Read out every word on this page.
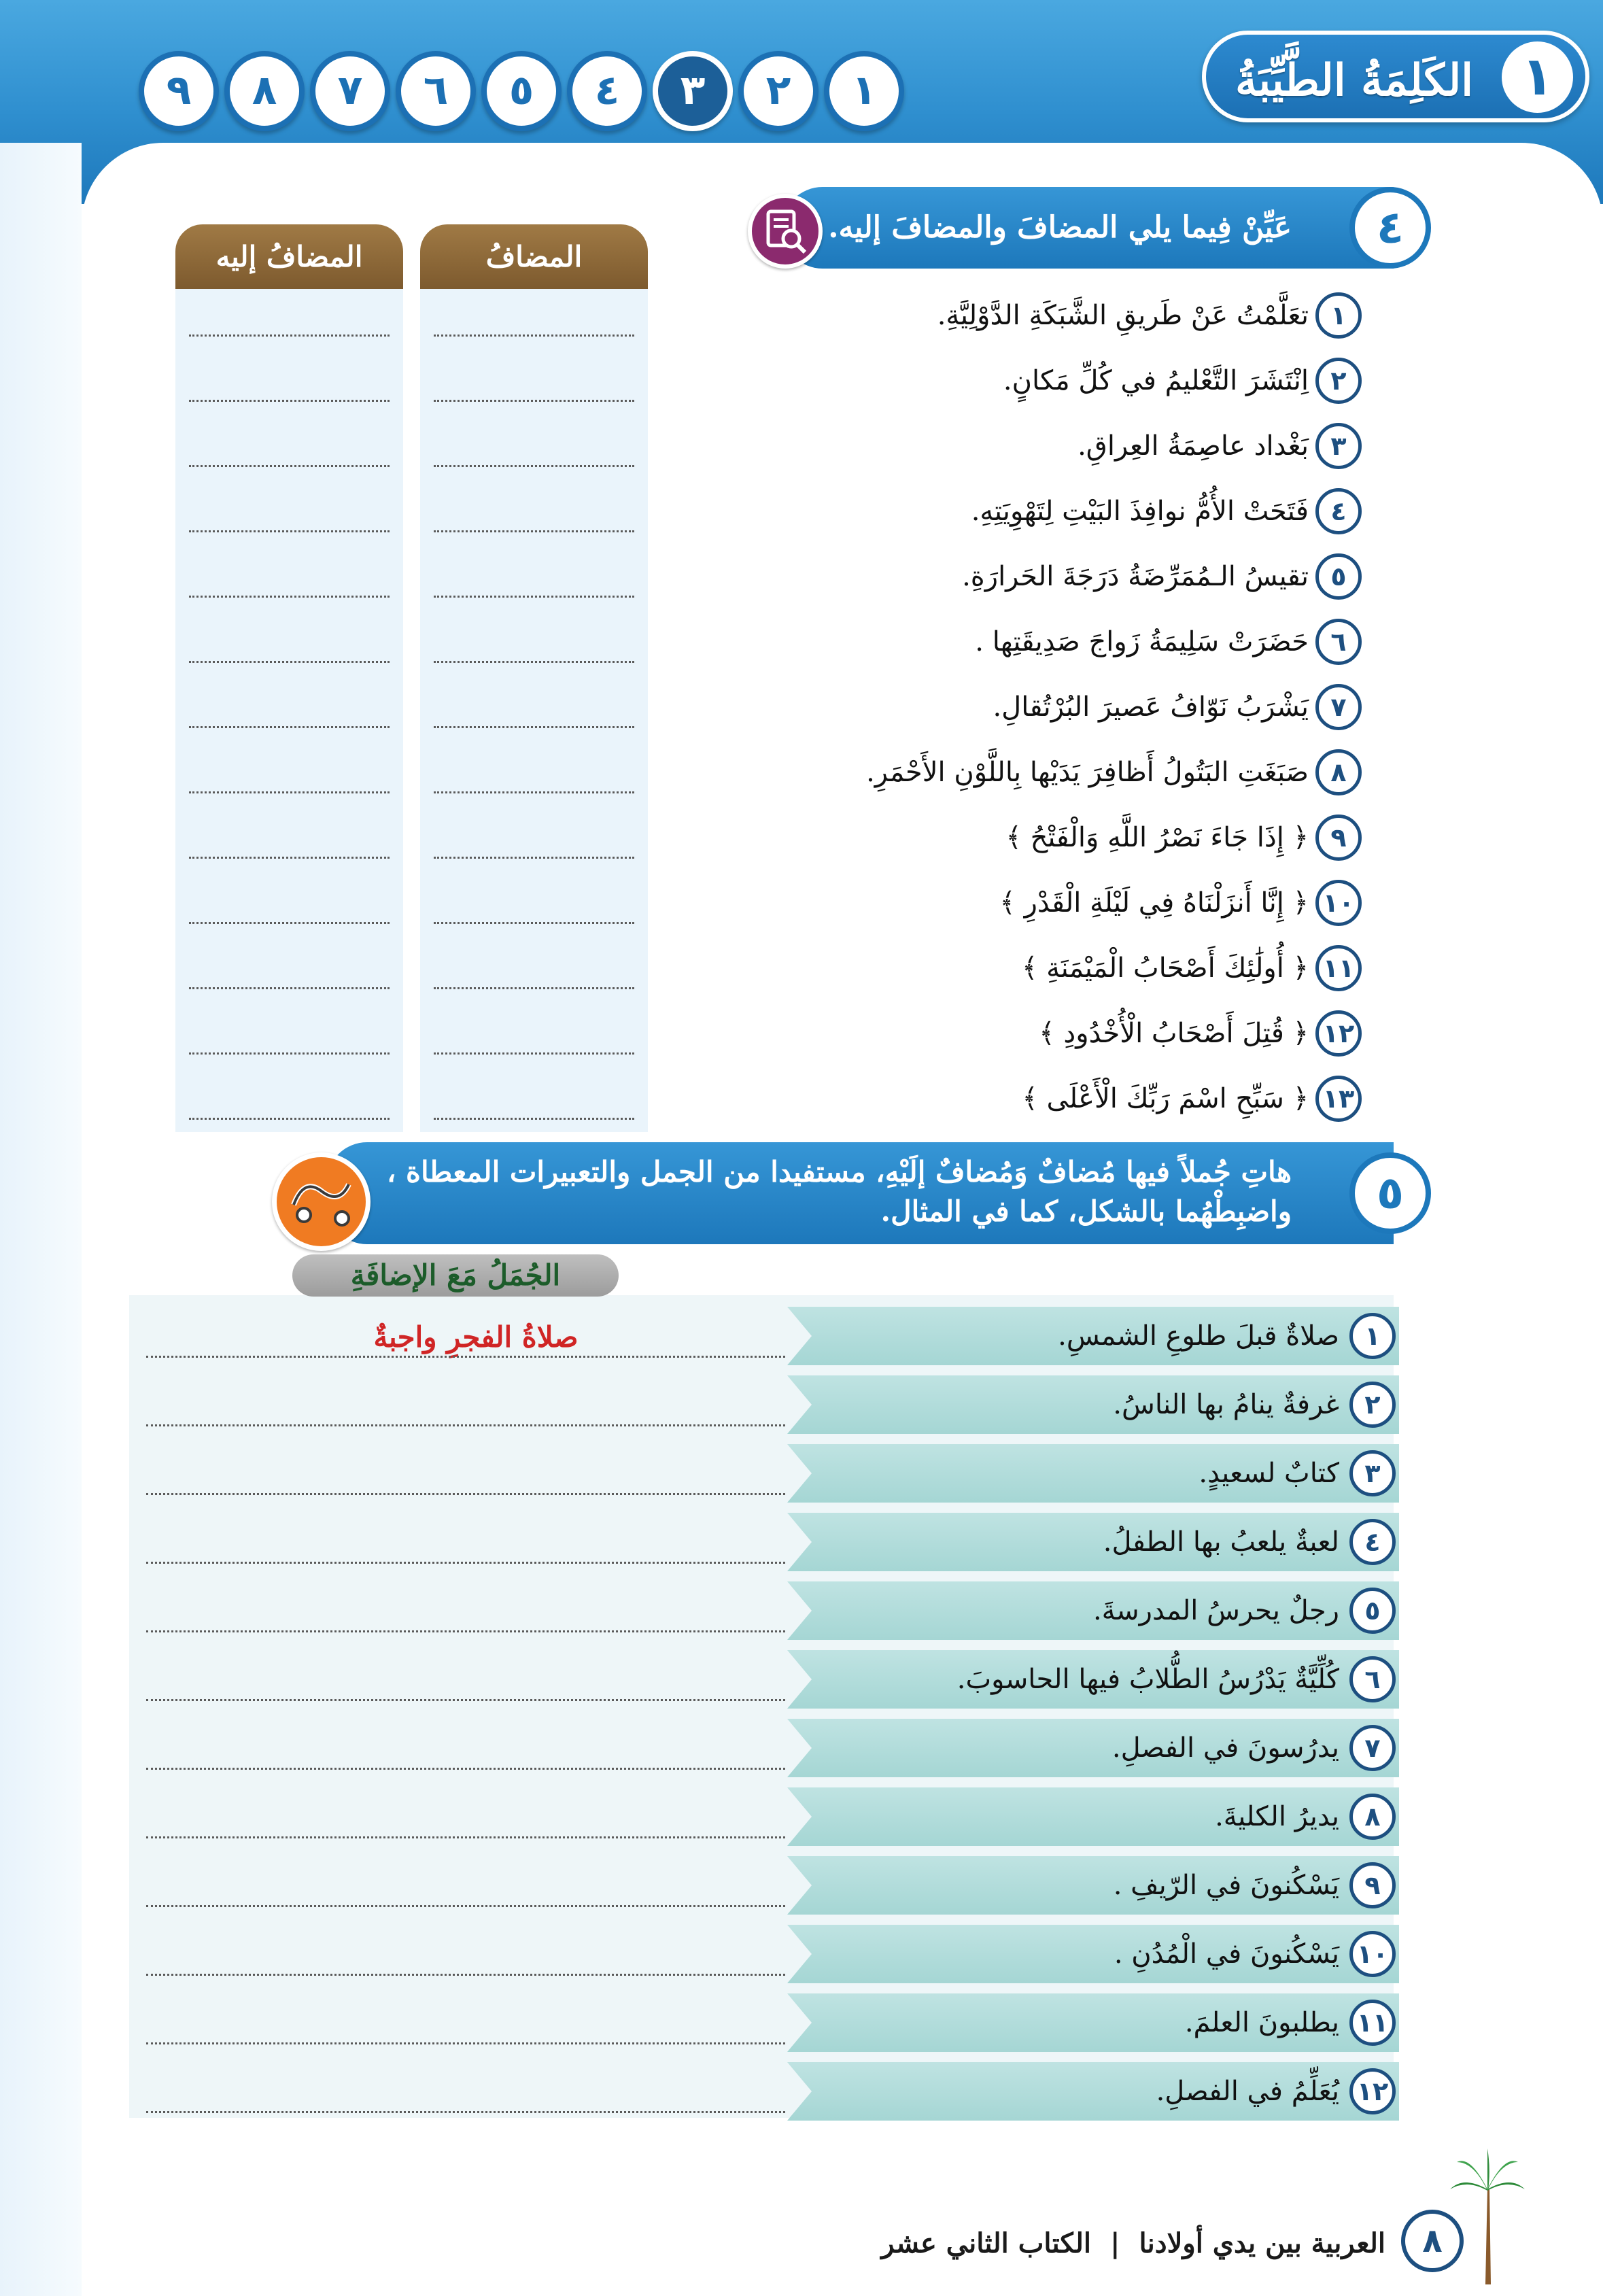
١
الكَلِمَةُ الطَّيِّبَةُ
١
٢
٣
٤
٥
٦
٧
٨
٩
عَيِّنْ فِيما يلي المضافَ والمضافَ إليه.	٤
المضافُ إليه	المضافُ
١
تعَلَّمْتُ عَنْ طَريقِ الشَّبَكَةِ الدَّوْلِيَّةِ.
٢
اِنْتَشَرَ التَّعْليمُ في كُلِّ مَكانٍ.
٣
بَغْداد عاصِمَةُ العِراقِ.
٤
فَتَحَتْ الأُمُّ نوافِذَ البَيْتِ لِتَهْوِيَتِهِ.
٥
تقيسُ الـمُمَرِّضَةُ دَرَجَةَ الحَرارَةِ.
٦
حَضَرَتْ سَلِيمَةُ زَواجَ صَدِيقَتِها .
٧
يَشْرَبُ نَوّافُ عَصيرَ البُرْتُقالِ.
٨
صَبَغَتِ البَتُولُ أَظافِرَ يَدَيْها بِاللَّوْنِ الأَحْمَرِ.
٩
﴿ إِذَا جَاءَ نَصْرُ اللَّهِ وَالْفَتْحُ ﴾
١٠
﴿ إِنَّا أَنزَلْنَاهُ فِي لَيْلَةِ الْقَدْرِ ﴾
١١
﴿ أُولَٰئِكَ أَصْحَابُ الْمَيْمَنَةِ ﴾
١٢
﴿ قُتِلَ أَصْحَابُ الْأُخْدُودِ ﴾
١٣
﴿ سَبِّحِ اسْمَ رَبِّكَ الْأَعْلَى ﴾
هاتِ جُملاً فيها مُضافٌ وَمُضافٌ إلَيْهِ، مستفيدا من الجمل والتعبيرات المعطاة ،
واضبِطْهُما بالشكل، كما في المثال.	٥
الجُمَلُ مَعَ الإضافَةِ
صلاةُ الفجرِ واجبةٌ	١
صلاةٌ قبلَ طلوعِ الشمسِ.
٢
غرفةٌ ينامُ بها الناسُ.
٣
كتابٌ لسعيدٍ.
٤
لعبةٌ يلعبُ بها الطفلُ.
٥
رجلٌ يحرسُ المدرسةَ.
٦
كُلِّيَّةٌ يَدْرُسُ الطُّلابُ فيها الحاسوبَ.
٧
يدرُسونَ في الفصلِ.
٨
يديرُ الكليةَ.
٩
يَسْكُنونَ في الرّيفِ .
١٠
يَسْكُنونَ في الْمُدُنِ .
١١
يطلبونَ العلمَ.
١٢
يُعَلِّمُ في الفصلِ.
٨
العربية بين يدي أولادنا | الكتاب الثاني عشر
